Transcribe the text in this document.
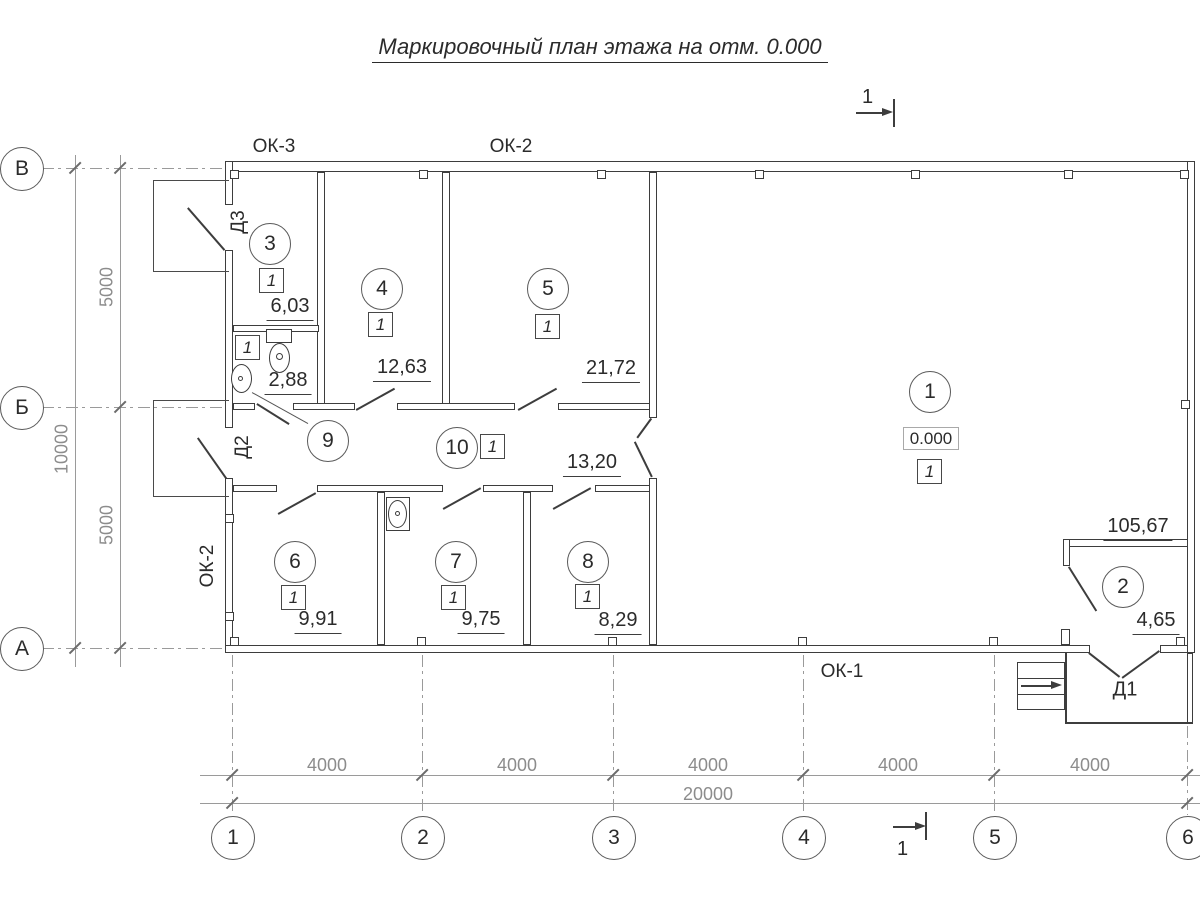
Маркировочный план этажа на отм. 0.000
1
ОК-3	ОК-2
ОК-2
ОК-1
Д3
Д2
Д1
3
4	5
6	7	8
9	10
1
2
1
1	1
1
1
1	1	1
1
0.000
6,03
2,88
12,63	21,72
13,20
9,91	9,75	8,29
105,67
4,65
5000
5000
10000
В
Б
А
4000	4000	4000	4000	4000
20000
1	2	3	4	5	6
1
